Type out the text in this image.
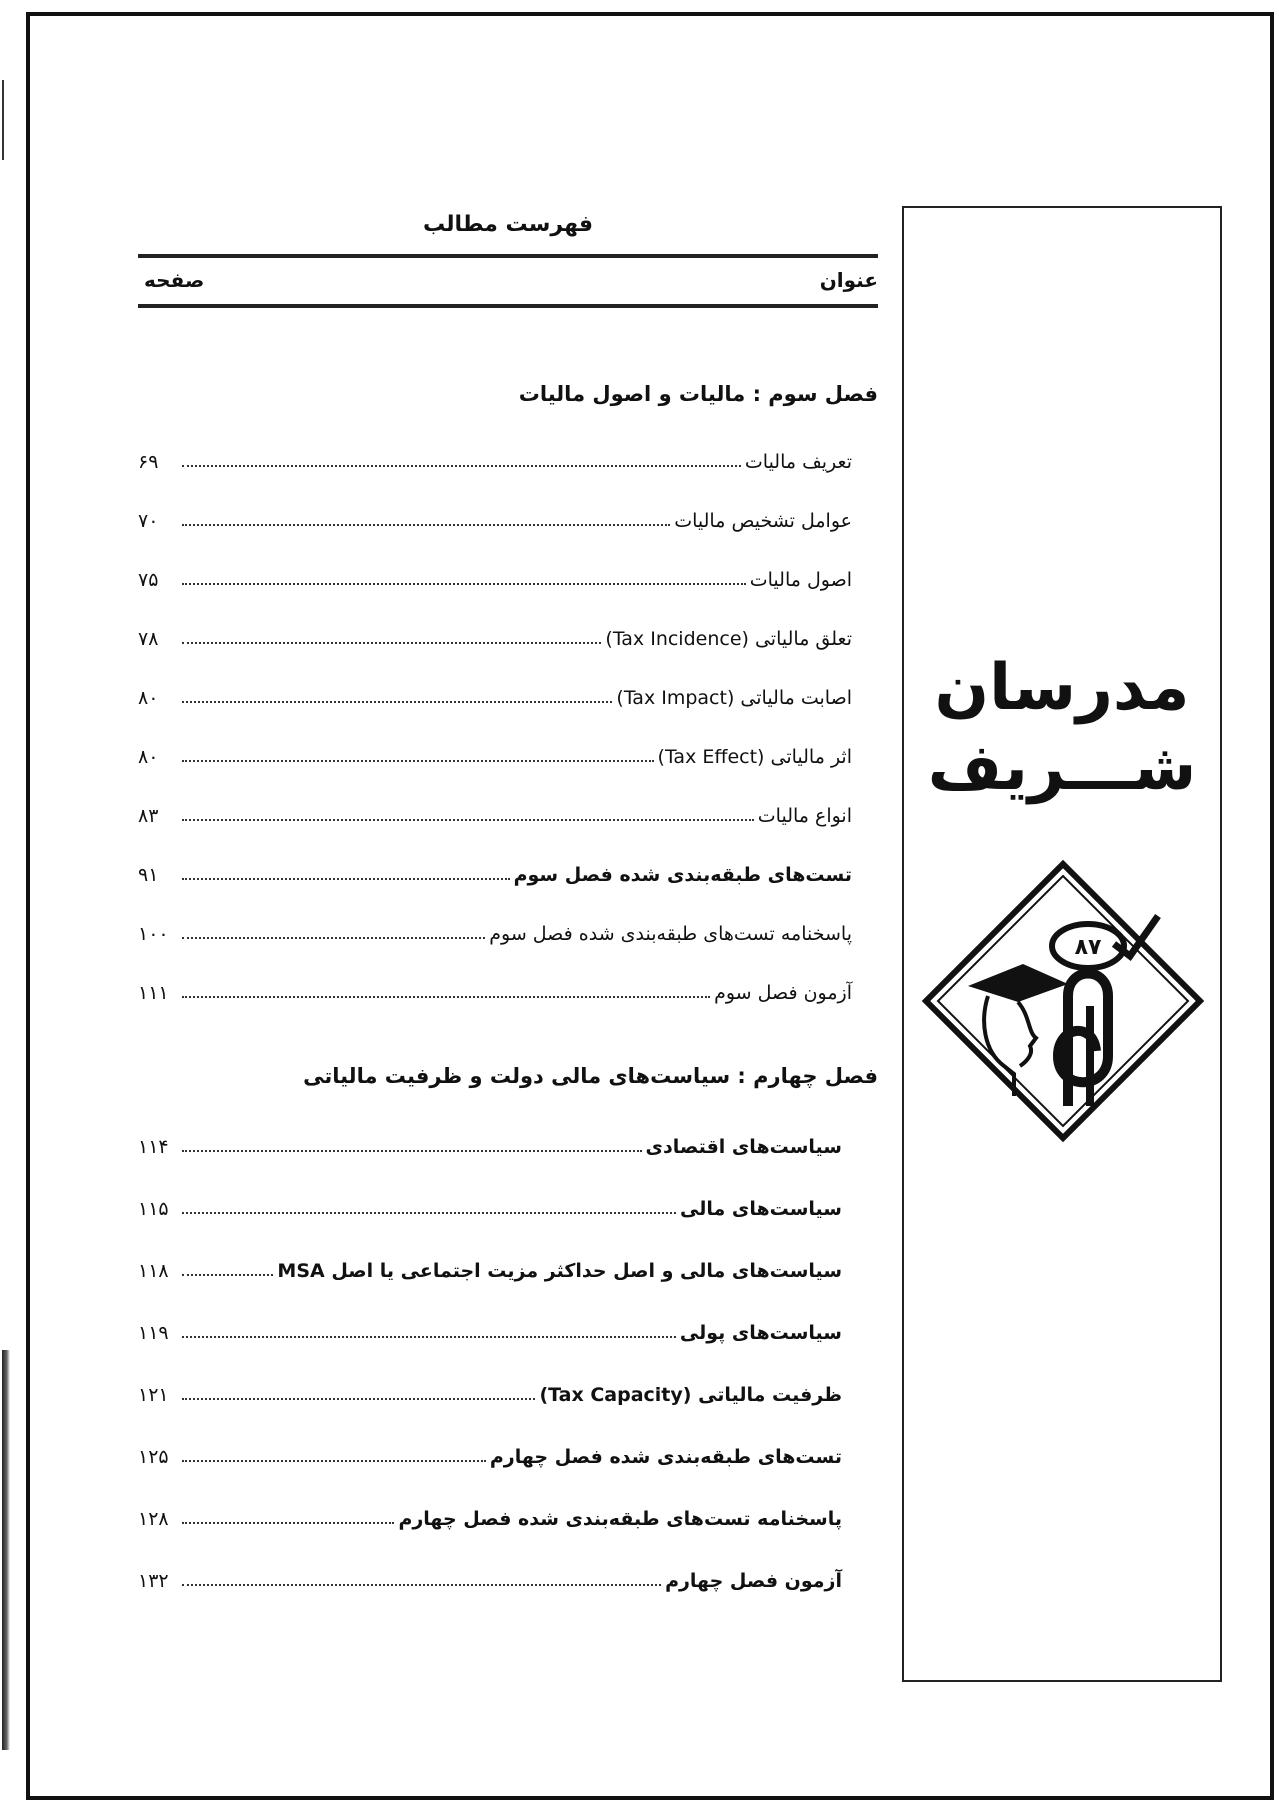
فهرست مطالب
عنوان
صفحه
فصل سوم : ماليات و اصول ماليات
تعريف ماليات
۶۹
عوامل تشخيص ماليات
۷۰
اصول ماليات
۷۵
تعلق مالياتی (Tax Incidence)
۷۸
اصابت مالياتی (Tax Impact)
۸۰
اثر مالياتی (Tax Effect)
۸۰
انواع ماليات
۸۳
تست‌های طبقه‌بندی شده فصل سوم
۹۱
پاسخنامه تست‌های طبقه‌بندی شده فصل سوم
۱۰۰
آزمون فصل سوم
۱۱۱
فصل چهارم : سياست‌های مالی دولت و ظرفيت مالياتی
سياست‌های اقتصادی
۱۱۴
سياست‌های مالی
۱۱۵
سياست‌های مالی و اصل حداکثر مزيت اجتماعی يا اصل MSA
۱۱۸
سياست‌های پولی
۱۱۹
ظرفيت مالياتی (Tax Capacity)
۱۲۱
تست‌های طبقه‌بندی شده فصل چهارم
۱۲۵
پاسخنامه تست‌های طبقه‌بندی شده فصل چهارم
۱۲۸
آزمون فصل چهارم
۱۳۲
مدرسان
شـــريف
۸۷
